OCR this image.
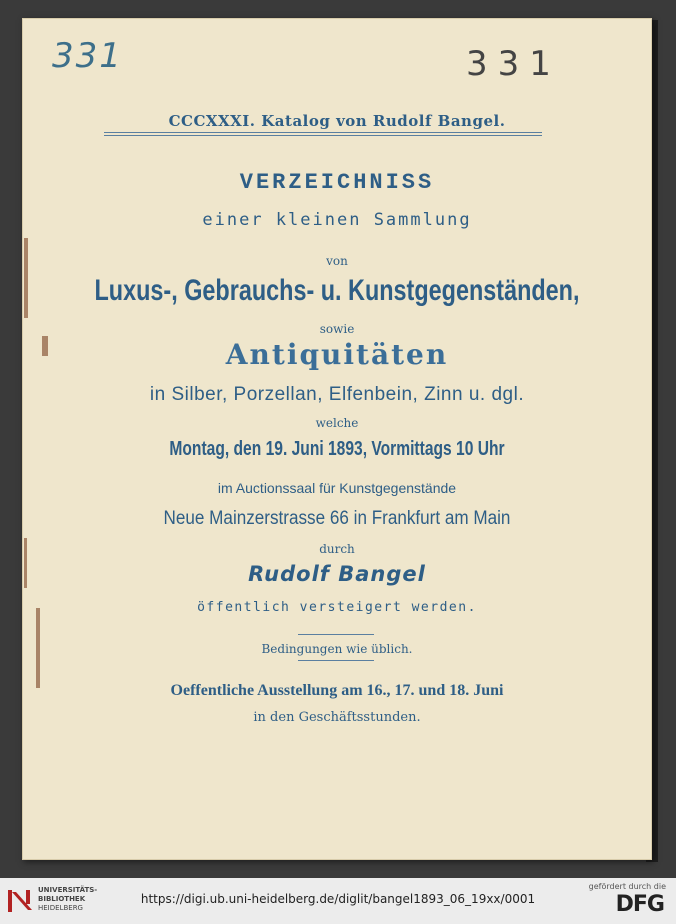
331	331
CCCXXXI. Katalog von Rudolf Bangel.
VERZEICHNISS
einer kleinen Sammlung
von
Luxus-, Gebrauchs- u. Kunstgegenständen,
sowie
Antiquitäten
in Silber, Porzellan, Elfenbein, Zinn u. dgl.
welche
Montag, den 19. Juni 1893, Vormittags 10 Uhr
im Auctionssaal für Kunstgegenstände
Neue Mainzerstrasse 66 in Frankfurt am Main
durch
Rudolf Bangel
öffentlich versteigert werden.
Bedingungen wie üblich.
Oeffentliche Ausstellung am 16., 17. und 18. Juni
in den Geschäftsstunden.
UNIVERSITÄTS-
BIBLIOTHEK
HEIDELBERG
https://digi.ub.uni-heidelberg.de/diglit/bangel1893_06_19xx/0001
gefördert durch die
DFG
